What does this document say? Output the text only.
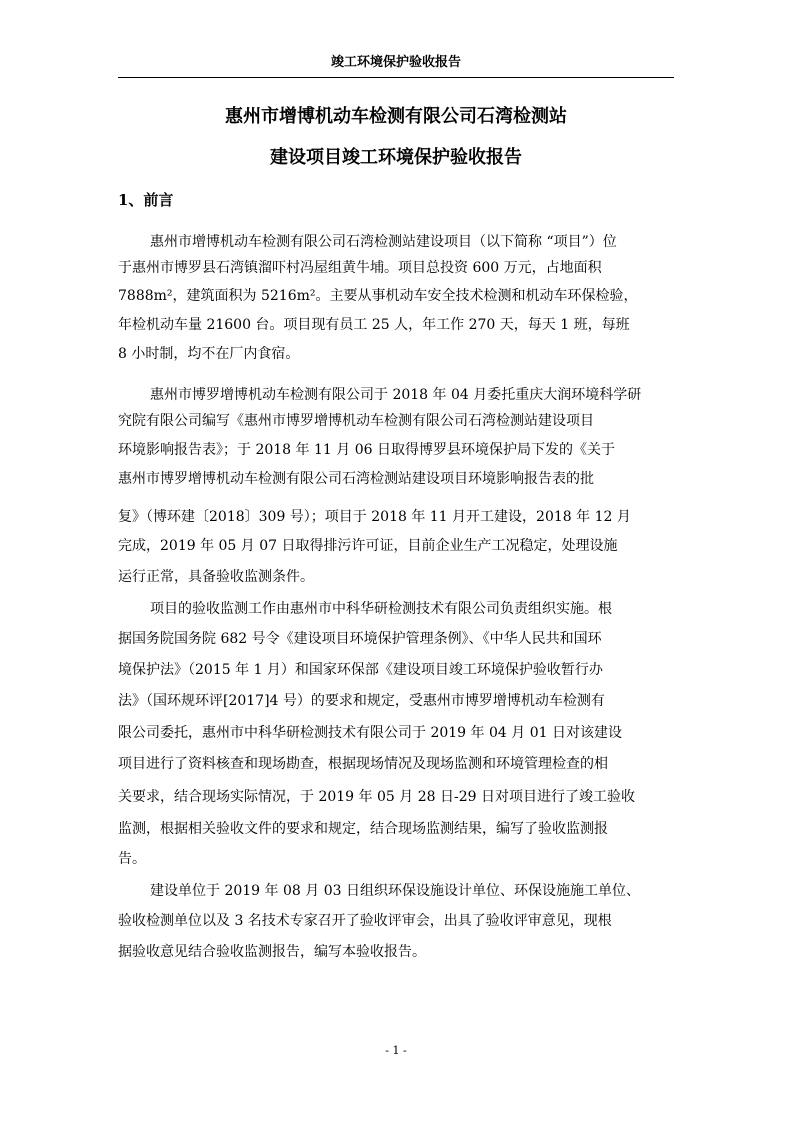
竣工环境保护验收报告
惠州市增博机动车检测有限公司石湾检测站
建设项目竣工环境保护验收报告
1、前言
惠州市增博机动车检测有限公司石湾检测站建设项目（以下简称 “项目”）位
于惠州市博罗县石湾镇溜吓村冯屋组黄牛埔。项目总投资 600 万元，占地面积
7888m²，建筑面积为 5216m²。主要从事机动车安全技术检测和机动车环保检验，
年检机动车量 21600 台。项目现有员工 25 人，年工作 270 天，每天 1 班，每班
8 小时制，均不在厂内食宿。
惠州市博罗增博机动车检测有限公司于 2018 年 04 月委托重庆大润环境科学研
究院有限公司编写《惠州市博罗增博机动车检测有限公司石湾检测站建设项目
环境影响报告表》；于 2018 年 11 月 06 日取得博罗县环境保护局下发的《关于
惠州市博罗增博机动车检测有限公司石湾检测站建设项目环境影响报告表的批
复》（博环建〔2018〕309 号）；项目于 2018 年 11 月开工建设，2018 年 12 月
完成，2019 年 05 月 07 日取得排污许可证，目前企业生产工况稳定，处理设施
运行正常，具备验收监测条件。
项目的验收监测工作由惠州市中科华研检测技术有限公司负责组织实施。根
据国务院国务院 682 号令《建设项目环境保护管理条例》、《中华人民共和国环
境保护法》（2015 年 1 月）和国家环保部《建设项目竣工环境保护验收暂行办
法》（国环规环评[2017]4 号）的要求和规定，受惠州市博罗增博机动车检测有
限公司委托，惠州市中科华研检测技术有限公司于 2019 年 04 月 01 日对该建设
项目进行了资料核查和现场勘查，根据现场情况及现场监测和环境管理检查的相
关要求，结合现场实际情况，于 2019 年 05 月 28 日-29 日对项目进行了竣工验收
监测，根据相关验收文件的要求和规定，结合现场监测结果，编写了验收监测报
告。
建设单位于 2019 年 08 月 03 日组织环保设施设计单位、环保设施施工单位、
验收检测单位以及 3 名技术专家召开了验收评审会，出具了验收评审意见，现根
据验收意见结合验收监测报告，编写本验收报告。
- 1 -
